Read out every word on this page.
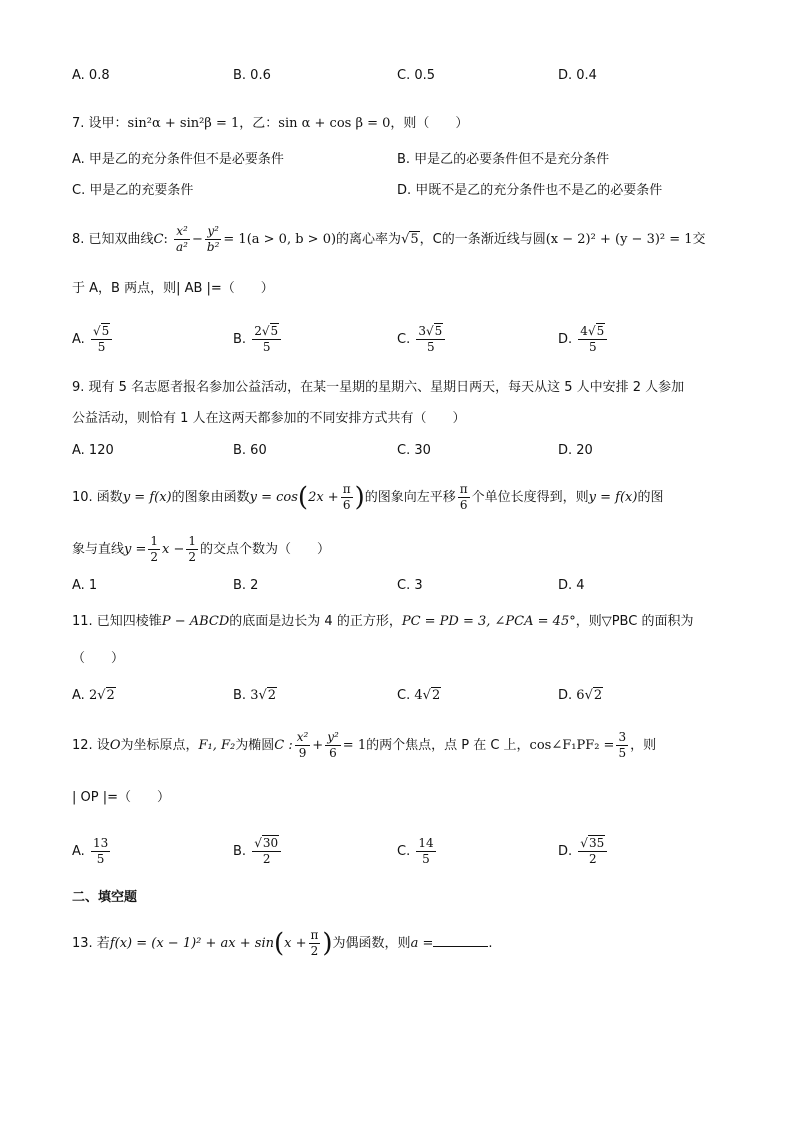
A. 0.8	B. 0.6	C. 0.5	D. 0.4
7. 设甲：sin²α + sin²β = 1，乙：sin α + cos β = 0，则（　　）
A. 甲是乙的充分条件但不是必要条件	B. 甲是乙的必要条件但不是充分条件
C. 甲是乙的充要条件	D. 甲既不是乙的充分条件也不是乙的必要条件
8. 已知双曲线C: $\frac{\text{x²}}{\text{a²}} - \frac{\text{y²}}{\text{b²}} = 1(a > 0$, b > 0)的离心率为√5，C的一条渐近线与圆(x − 2)² + (y − 3)² = 1交
于 A，B 两点，则| AB |=（　　）
A. $\frac{√5}{5}$	B. $\frac{2√5}{5}$	C. $\frac{3√5}{5}$	D. $\frac{4√5}{5}$
9. 现有 5 名志愿者报名参加公益活动，在某一星期的星期六、星期日两天，每天从这 5 人中安排 2 人参加
公益活动，则恰有 1 人在这两天都参加的不同安排方式共有（　　）
A. 120	B. 60	C. 30	D. 20
10. 函数y = f(x)的图象由函数$y = \cos(2x + \frac{\pi}{6}$ )的图象向左平移 $\frac{\pi}{6}$ 个单位长度得到，则y = f(x)的图
象与直线$y = \frac{1}{2}$ $x - \frac{1}{2}$ 的交点个数为（　　）
A. 1	B. 2	C. 3	D. 4
11. 已知四棱锥P − ABCD的底面是边长为 4 的正方形，PC = PD = 3, ∠PCA = 45°，则▽PBC 的面积为
（　　）
A. 2√2	B. 3√2	C. 4√2	D. 6√2
12. 设O为坐标原点，F₁, F₂为椭圆C : $\frac{\text{x²}}{9} + \frac{\text{y²}}{6} = 1$的两个焦点，点 P 在 C 上，cos∠F₁PF₂ = $\frac{3}{5}$ ，则
| OP |=（　　）
A. $\frac{13}{5}$	B. $\frac{√30}{2}$	C. $\frac{14}{5}$	D. $\frac{√35}{2}$
二、填空题
13. 若f(x) = (x − 1)² + ax + $\sin(x + \frac{\pi}{2}$ )为偶函数，则a =	.
